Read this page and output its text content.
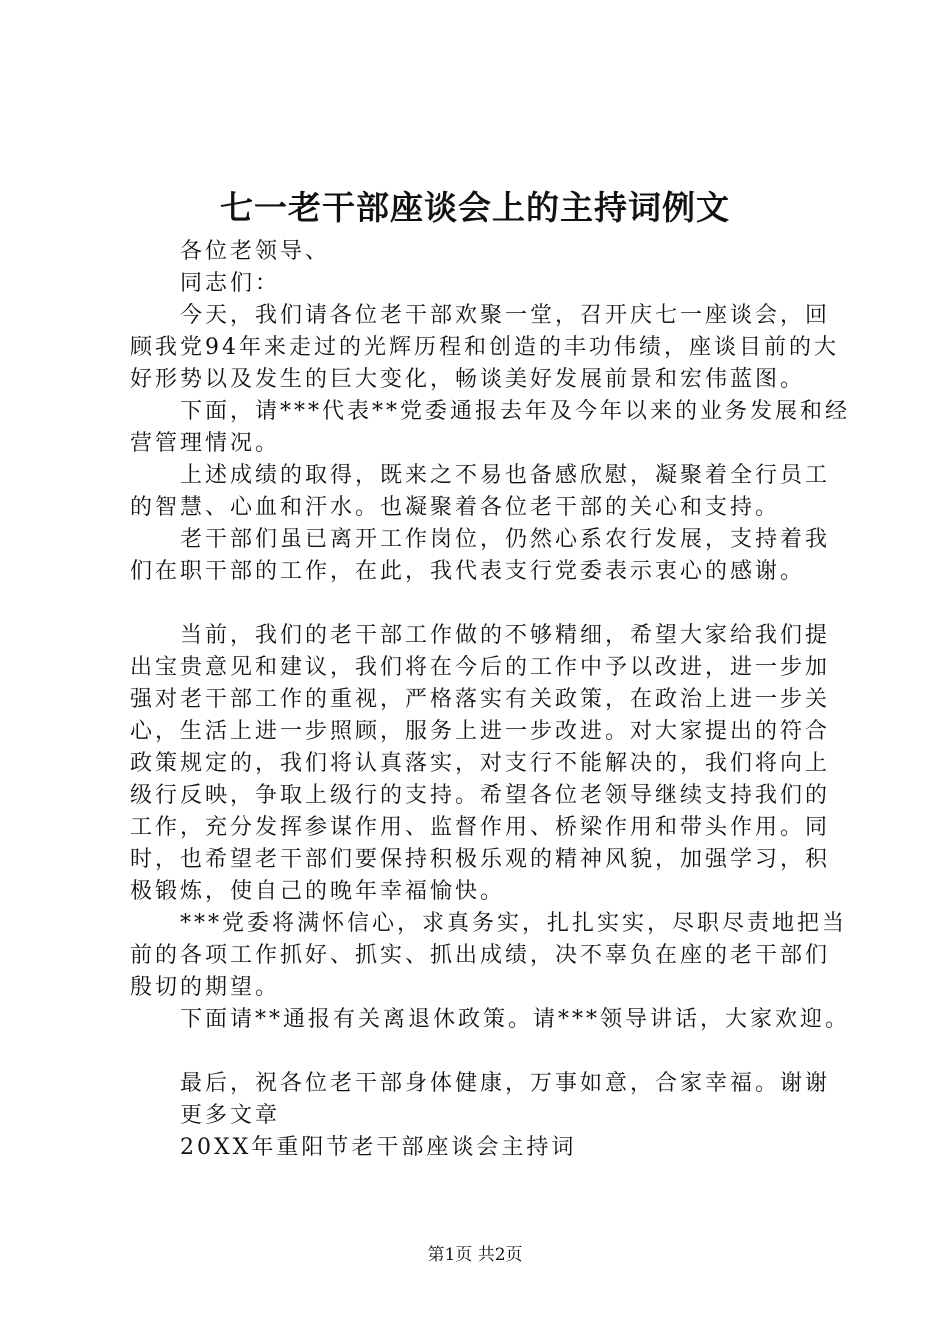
七一老干部座谈会上的主持词例文

各位老领导、

同志们：

今天，我们请各位老干部欢聚一堂，召开庆七一座谈会，回顾我党94年来走过的光辉历程和创造的丰功伟绩，座谈目前的大好形势以及发生的巨大变化，畅谈美好发展前景和宏伟蓝图。

下面，请***代表**党委通报去年及今年以来的业务发展和经营管理情况。

上述成绩的取得，既来之不易也备感欣慰，凝聚着全行员工的智慧、心血和汗水。也凝聚着各位老干部的关心和支持。

老干部们虽已离开工作岗位，仍然心系农行发展，支持着我们在职干部的工作，在此，我代表支行党委表示衷心的感谢。

当前，我们的老干部工作做的不够精细，希望大家给我们提出宝贵意见和建议，我们将在今后的工作中予以改进，进一步加强对老干部工作的重视，严格落实有关政策，在政治上进一步关心，生活上进一步照顾，服务上进一步改进。对大家提出的符合政策规定的，我们将认真落实，对支行不能解决的，我们将向上级行反映，争取上级行的支持。希望各位老领导继续支持我们的工作，充分发挥参谋作用、监督作用、桥梁作用和带头作用。同时，也希望老干部们要保持积极乐观的精神风貌，加强学习，积极锻炼，使自己的晚年幸福愉快。

***党委将满怀信心，求真务实，扎扎实实，尽职尽责地把当前的各项工作抓好、抓实、抓出成绩，决不辜负在座的老干部们殷切的期望。

下面请**通报有关离退休政策。请***领导讲话，大家欢迎。

最后，祝各位老干部身体健康，万事如意，合家幸福。谢谢

更多文章

20XX年重阳节老干部座谈会主持词

第1页 共2页
